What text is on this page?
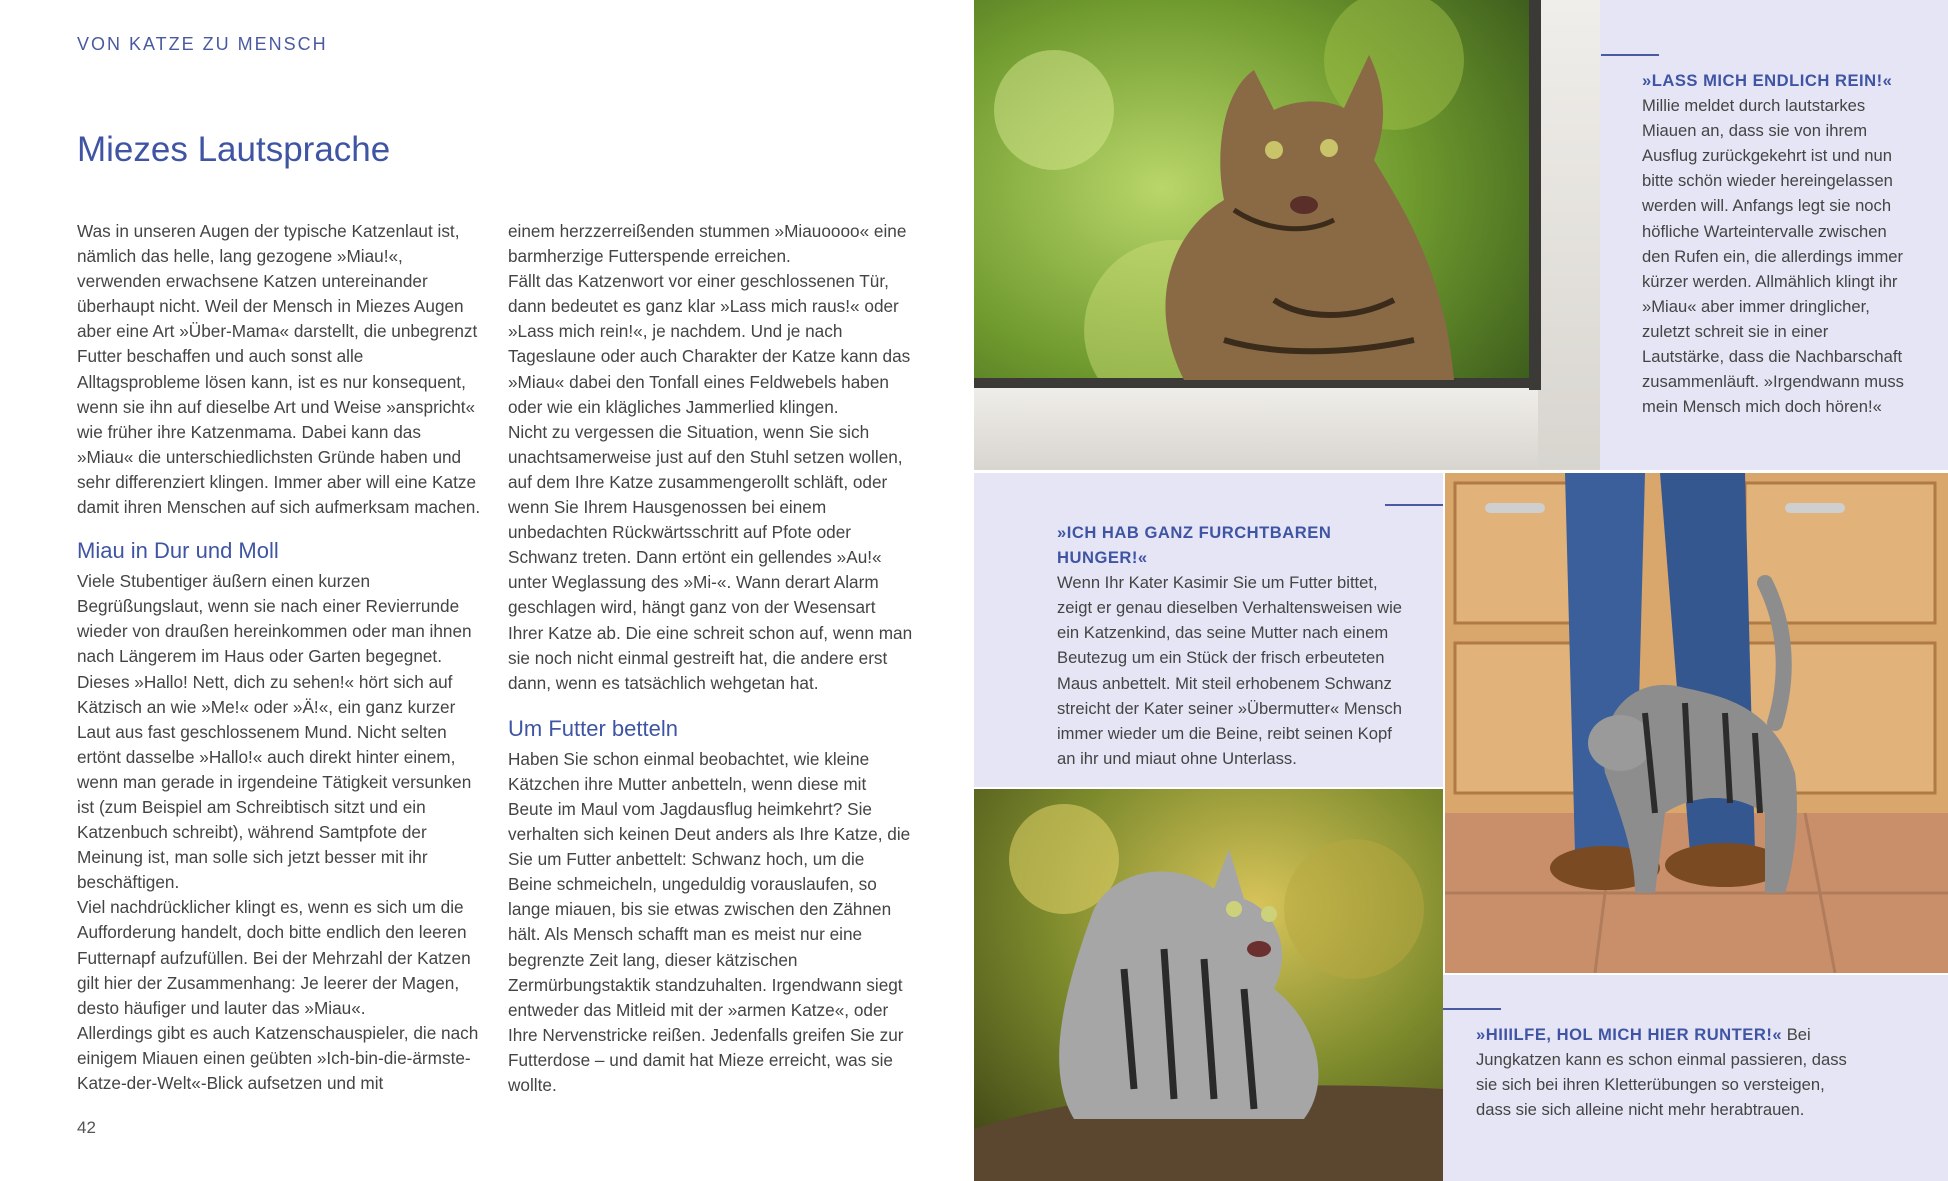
VON KATZE ZU MENSCH
Miezes Lautsprache

Was in unseren Augen der typische Katzenlaut ist, nämlich das helle, lang gezogene »Miau!«, verwenden erwachsene Katzen untereinander überhaupt nicht. Weil der Mensch in Miezes Augen aber eine Art »Über-Mama« darstellt, die unbegrenzt Futter beschaffen und auch sonst alle Alltagsprobleme lösen kann, ist es nur konsequent, wenn sie ihn auf dieselbe Art und Weise »anspricht« wie früher ihre Katzenmama. Dabei kann das »Miau« die unterschiedlichsten Gründe haben und sehr differenziert klingen. Immer aber will eine Katze damit ihren Menschen auf sich aufmerksam machen.

Miau in Dur und Moll

Viele Stubentiger äußern einen kurzen Begrüßungslaut, wenn sie nach einer Revierrunde wieder von draußen hereinkommen oder man ihnen nach Längerem im Haus oder Garten begegnet. Dieses »Hallo! Nett, dich zu sehen!« hört sich auf Kätzisch an wie »Me!« oder »Ä!«, ein ganz kurzer Laut aus fast geschlossenem Mund. Nicht selten ertönt dasselbe »Hallo!« auch direkt hinter einem, wenn man gerade in irgendeine Tätigkeit versunken ist (zum Beispiel am Schreibtisch sitzt und ein Katzenbuch schreibt), während Samtpfote der Meinung ist, man solle sich jetzt besser mit ihr beschäftigen.

Viel nachdrücklicher klingt es, wenn es sich um die Aufforderung handelt, doch bitte endlich den leeren Futternapf aufzufüllen. Bei der Mehrzahl der Katzen gilt hier der Zusammenhang: Je leerer der Magen, desto häufiger und lauter das »Miau«.

Allerdings gibt es auch Katzenschauspieler, die nach einigem Miauen einen geübten »Ich-bin-die-ärmste-Katze-der-Welt«-Blick aufsetzen und mit

einem herzzerreißenden stummen »Miauoooo« eine barmherzige Futterspende erreichen.

Fällt das Katzenwort vor einer geschlossenen Tür, dann bedeutet es ganz klar »Lass mich raus!« oder »Lass mich rein!«, je nachdem. Und je nach Tageslaune oder auch Charakter der Katze kann das »Miau« dabei den Tonfall eines Feldwebels haben oder wie ein klägliches Jammerlied klingen.

Nicht zu vergessen die Situation, wenn Sie sich unachtsamerweise just auf den Stuhl setzen wollen, auf dem Ihre Katze zusammengerollt schläft, oder wenn Sie Ihrem Hausgenossen bei einem unbedachten Rückwärtsschritt auf Pfote oder Schwanz treten. Dann ertönt ein gellendes »Au!« unter Weglassung des »Mi-«. Wann derart Alarm geschlagen wird, hängt ganz von der Wesensart Ihrer Katze ab. Die eine schreit schon auf, wenn man sie noch nicht einmal gestreift hat, die andere erst dann, wenn es tatsächlich wehgetan hat.

Um Futter betteln

Haben Sie schon einmal beobachtet, wie kleine Kätzchen ihre Mutter anbetteln, wenn diese mit Beute im Maul vom Jagdausflug heimkehrt? Sie verhalten sich keinen Deut anders als Ihre Katze, die Sie um Futter anbettelt: Schwanz hoch, um die Beine schmeicheln, ungeduldig vorauslaufen, so lange miauen, bis sie etwas zwischen den Zähnen hält. Als Mensch schafft man es meist nur eine begrenzte Zeit lang, dieser kätzischen Zermürbungstaktik standzuhalten. Irgendwann siegt entweder das Mitleid mit der »armen Katze«, oder Ihre Nervenstricke reißen. Jedenfalls greifen Sie zur Futterdose – und damit hat Mieze erreicht, was sie wollte.

42
»LASS MICH ENDLICH REIN!«
Millie meldet durch lautstarkes Miauen an, dass sie von ihrem Ausflug zurückgekehrt ist und nun bitte schön wieder hereingelassen werden will. Anfangs legt sie noch höfliche Warteintervalle zwischen den Rufen ein, die allerdings immer kürzer werden. Allmählich klingt ihr »Miau« aber immer dringlicher, zuletzt schreit sie in einer Lautstärke, dass die Nachbarschaft zusammenläuft. »Irgendwann muss mein Mensch mich doch hören!«
»ICH HAB GANZ FURCHTBAREN HUNGER!«
Wenn Ihr Kater Kasimir Sie um Futter bittet, zeigt er genau dieselben Verhaltensweisen wie ein Katzenkind, das seine Mutter nach einem Beutezug um ein Stück der frisch erbeuteten Maus anbettelt. Mit steil erhobenem Schwanz streicht der Kater seiner »Übermutter« Mensch immer wieder um die Beine, reibt seinen Kopf an ihr und miaut ohne Unterlass.
»HIIILFE, HOL MICH HIER RUNTER!« Bei Jungkatzen kann es schon einmal passieren, dass sie sich bei ihren Kletterübungen so versteigen, dass sie sich alleine nicht mehr herabtrauen.
